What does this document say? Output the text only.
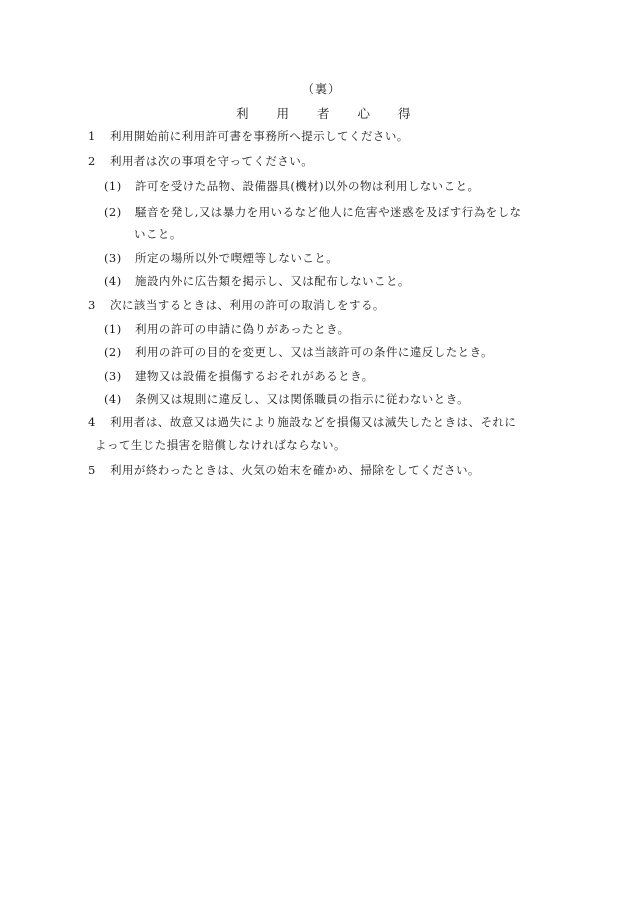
（裏）
利 用 者 心 得
1 利用開始前に利用許可書を事務所へ提示してください。
2 利用者は次の事項を守ってください。
(1) 許可を受けた品物、設備器具(機材)以外の物は利用しないこと。
(2) 騒音を発し,又は暴力を用いるなど他人に危害や迷惑を及ぼす行為をしな
いこと。
(3) 所定の場所以外で喫煙等しないこと。
(4) 施設内外に広告類を掲示し、又は配布しないこと。
3 次に該当するときは、利用の許可の取消しをする。
(1) 利用の許可の申請に偽りがあったとき。
(2) 利用の許可の目的を変更し、又は当該許可の条件に違反したとき。
(3) 建物又は設備を損傷するおそれがあるとき。
(4) 条例又は規則に違反し、又は関係職員の指示に従わないとき。
4 利用者は、故意又は過失により施設などを損傷又は滅失したときは、それに
よって生じた損害を賠償しなければならない。
5 利用が終わったときは、火気の始末を確かめ、掃除をしてください。
